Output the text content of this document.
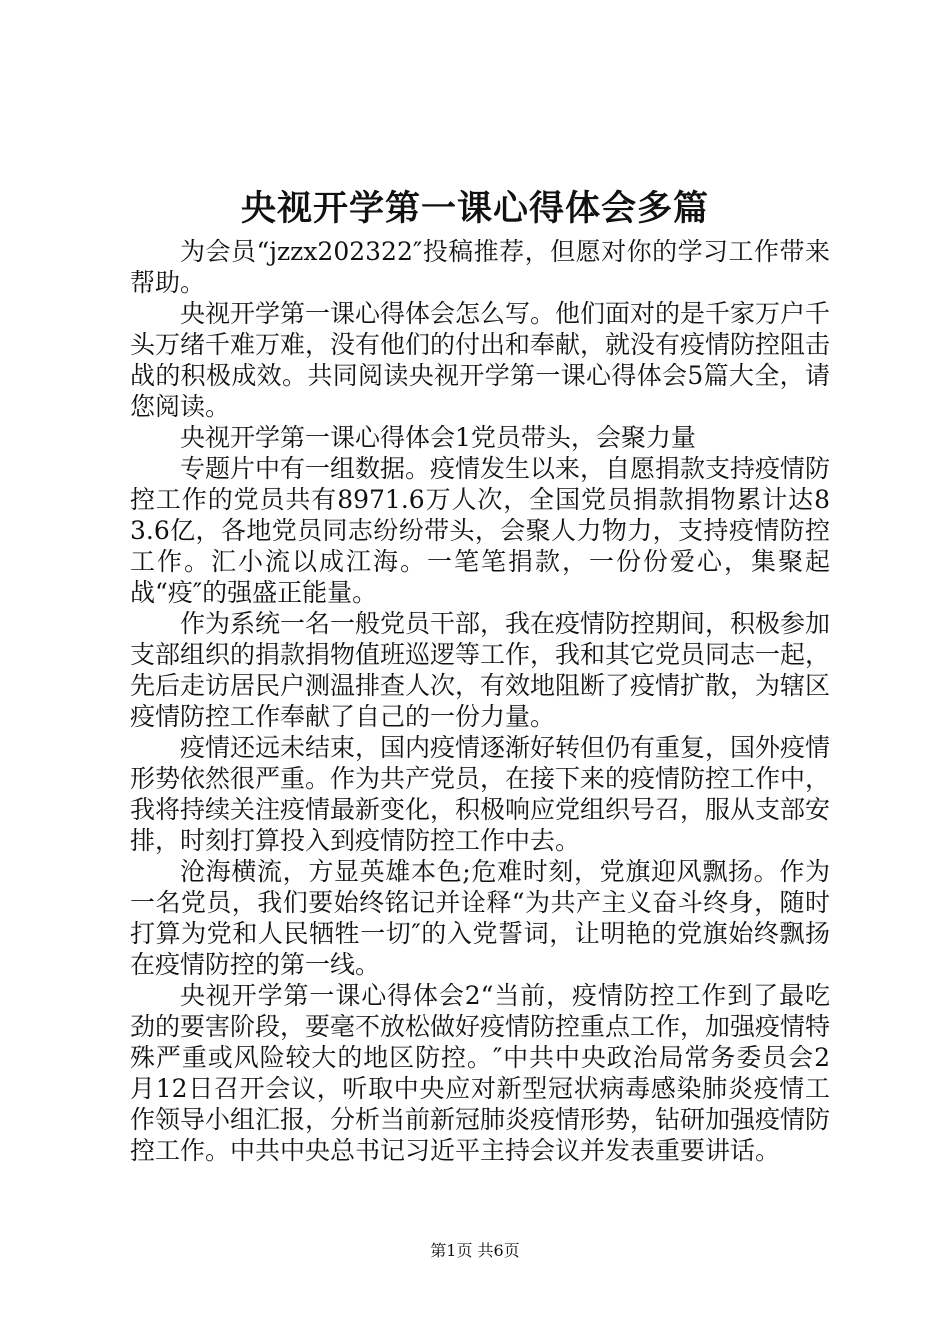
央视开学第一课心得体会多篇

为会员“jzzx202322″投稿推荐，但愿对你的学习工作带来帮助。

央视开学第一课心得体会怎么写。他们面对的是千家万户千头万绪千难万难，没有他们的付出和奉献，就没有疫情防控阻击战的积极成效。共同阅读央视开学第一课心得体会5篇大全，请您阅读。

央视开学第一课心得体会1党员带头，会聚力量

专题片中有一组数据。疫情发生以来，自愿捐款支持疫情防控工作的党员共有8971.6万人次，全国党员捐款捐物累计达83.6亿，各地党员同志纷纷带头，会聚人力物力，支持疫情防控工作。汇小流以成江海。一笔笔捐款，一份份爱心，集聚起战“疫″的强盛正能量。

作为系统一名一般党员干部，我在疫情防控期间，积极参加支部组织的捐款捐物值班巡逻等工作，我和其它党员同志一起，先后走访居民户测温排查人次，有效地阻断了疫情扩散，为辖区疫情防控工作奉献了自己的一份力量。

疫情还远未结束，国内疫情逐渐好转但仍有重复，国外疫情形势依然很严重。作为共产党员，在接下来的疫情防控工作中，我将持续关注疫情最新变化，积极响应党组织号召，服从支部安排，时刻打算投入到疫情防控工作中去。

沧海横流，方显英雄本色;危难时刻，党旗迎风飘扬。作为一名党员，我们要始终铭记并诠释“为共产主义奋斗终身，随时打算为党和人民牺牲一切″的入党誓词，让明艳的党旗始终飘扬在疫情防控的第一线。

央视开学第一课心得体会2“当前，疫情防控工作到了最吃劲的要害阶段，要毫不放松做好疫情防控重点工作，加强疫情特殊严重或风险较大的地区防控。″中共中央政治局常务委员会2月12日召开会议，听取中央应对新型冠状病毒感染肺炎疫情工作领导小组汇报，分析当前新冠肺炎疫情形势，钻研加强疫情防控工作。中共中央总书记习近平主持会议并发表重要讲话。

第1页 共6页
